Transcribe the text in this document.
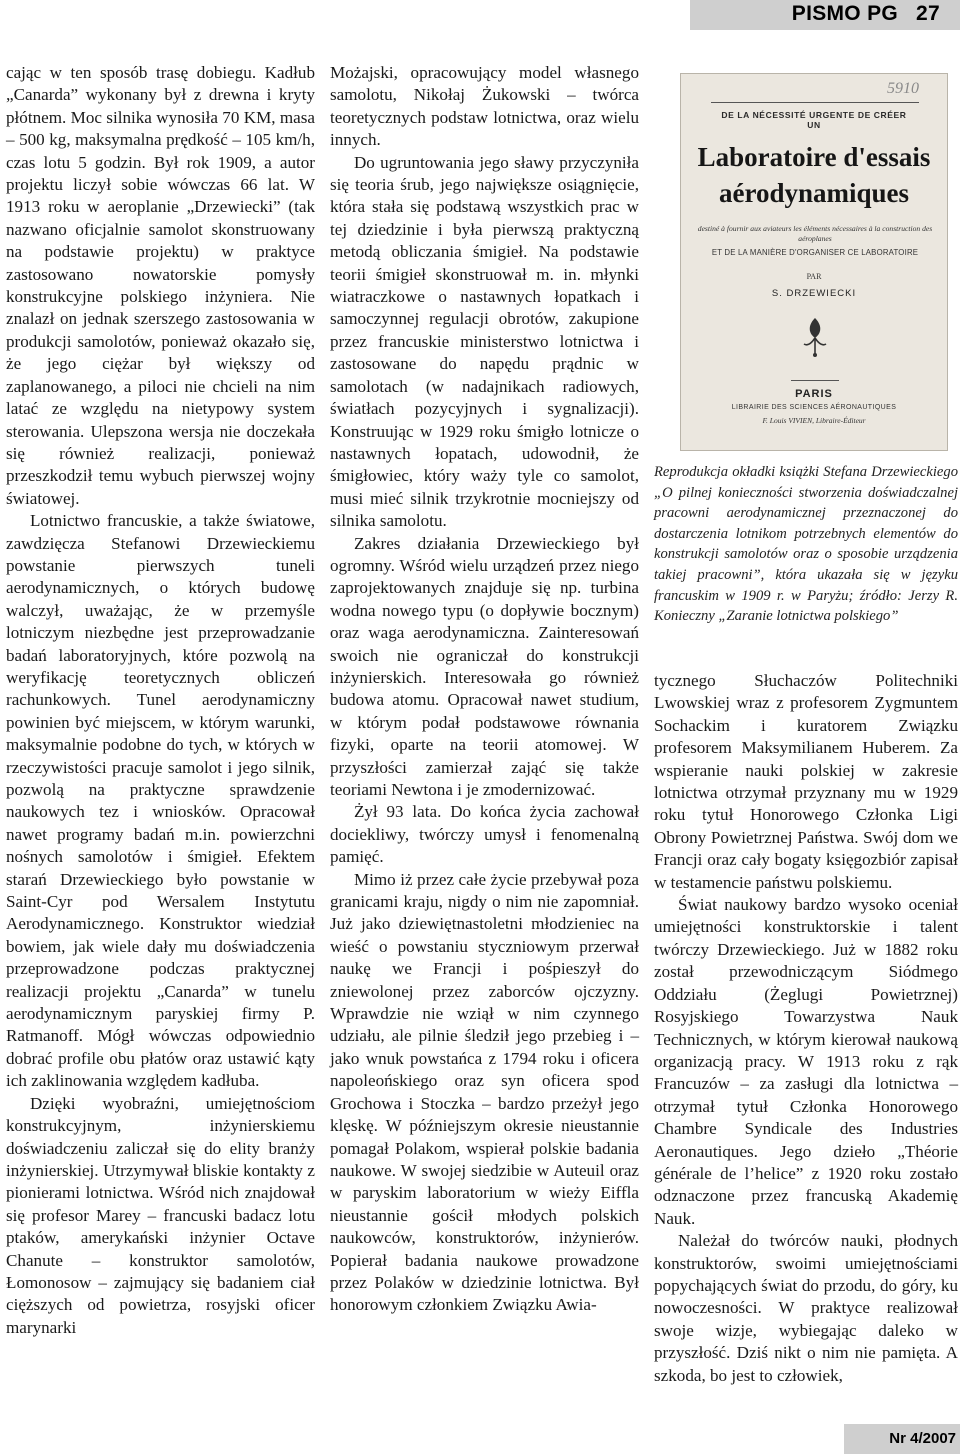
PISMO PG 27

cając w ten sposób trasę dobiegu. Kadłub „Canarda” wykonany był z drewna i kryty płótnem. Moc silnika wynosiła 70 KM, masa – 500 kg, maksymalna prędkość – 105 km/h, czas lotu 5 godzin. Był rok 1909, a autor projektu liczył sobie wówczas 66 lat. W 1913 roku w aeroplanie „Drzewiecki” (tak nazwano oficjalnie samolot skonstruowany na podstawie projektu) w praktyce zastosowano nowatorskie pomysły konstrukcyjne polskiego inżyniera. Nie znalazł on jednak szerszego zastosowania w produkcji samolotów, ponieważ okazało się, że jego ciężar był większy od zaplanowanego, a piloci nie chcieli na nim latać ze względu na nietypowy system sterowania. Ulepszona wersja nie doczekała się również realizacji, ponieważ przeszkodził temu wybuch pierwszej wojny światowej.

Lotnictwo francuskie, a także światowe, zawdzięcza Stefanowi Drzewieckiemu powstanie pierwszych tuneli aerodynamicznych, o których budowę walczył, uważając, że w przemyśle lotniczym niezbędne jest przeprowadzanie badań laboratoryjnych, które pozwolą na weryfikację teoretycznych obliczeń rachunkowych. Tunel aerodynamiczny powinien być miejscem, w którym warunki, maksymalnie podobne do tych, w których w rzeczywistości pracuje samolot i jego silnik, pozwolą na praktyczne sprawdzenie naukowych tez i wniosków. Opracował nawet programy badań m.in. powierzchni nośnych samolotów i śmigieł. Efektem starań Drzewieckiego było powstanie w Saint-Cyr pod Wersalem Instytutu Aerodynamicznego. Konstruktor wiedział bowiem, jak wiele dały mu doświadczenia przeprowadzone podczas praktycznej realizacji projektu „Canarda” w tunelu aerodynamicznym paryskiej firmy P. Ratmanoff. Mógł wówczas odpowiednio dobrać profile obu płatów oraz ustawić kąty ich zaklinowania względem kadłuba.

Dzięki wyobraźni, umiejętnościom konstrukcyjnym, inżynierskiemu doświadczeniu zaliczał się do elity branży inżynierskiej. Utrzymywał bliskie kontakty z pionierami lotnictwa. Wśród nich znajdował się profesor Marey – francuski badacz lotu ptaków, amerykański inżynier Octave Chanute – konstruktor samolotów, Łomonosow – zajmujący się badaniem ciał cięższych od powietrza, rosyjski oficer marynarki

Możajski, opracowujący model własnego samolotu, Nikołaj Żukowski – twórca teoretycznych podstaw lotnictwa, oraz wielu innych.

Do ugruntowania jego sławy przyczyniła się teoria śrub, jego największe osiągnięcie, która stała się podstawą wszystkich prac w tej dziedzinie i była pierwszą praktyczną metodą obliczania śmigieł. Na podstawie teorii śmigieł skonstruował m. in. młynki wiatraczkowe o nastawnych łopatkach i samoczynnej regulacji obrotów, zakupione przez francuskie ministerstwo lotnictwa i zastosowane do napędu prądnic w samolotach (w nadajnikach radiowych, światłach pozycyjnych i sygnalizacji). Konstruując w 1929 roku śmigło lotnicze o nastawnych łopatach, udowodnił, że śmigłowiec, który waży tyle co samolot, musi mieć silnik trzykrotnie mocniejszy od silnika samolotu.

Zakres działania Drzewieckiego był ogromny. Wśród wielu urządzeń przez niego zaprojektowanych znajduje się np. turbina wodna nowego typu (o dopływie bocznym) oraz waga aerodynamiczna. Zainteresowań swoich nie ograniczał do konstrukcji inżynierskich. Interesowała go również budowa atomu. Opracował nawet studium, w którym podał podstawowe równania fizyki, oparte na teorii atomowej. W przyszłości zamierzał zająć się także teoriami Newtona i je zmodernizować.

Żył 93 lata. Do końca życia zachował dociekliwy, twórczy umysł i fenomenalną pamięć.

Mimo iż przez całe życie przebywał poza granicami kraju, nigdy o nim nie zapomniał. Już jako dziewiętnastoletni młodzieniec na wieść o powstaniu styczniowym przerwał naukę we Francji i pośpieszył do zniewolonej przez zaborców ojczyzny. Wprawdzie nie wziął w nim czynnego udziału, ale pilnie śledził jego przebieg i – jako wnuk powstańca z 1794 roku i oficera napoleońskiego oraz syn oficera spod Grochowa i Stoczka – bardzo przeżył jego klęskę. W późniejszym okresie nieustannie pomagał Polakom, wspierał polskie badania naukowe. W swojej siedzibie w Auteuil oraz w paryskim laboratorium w wieży Eiffla nieustannie gościł młodych polskich naukowców, konstruktorów, inżynierów. Popierał badania naukowe prowadzone przez Polaków w dziedzinie lotnictwa. Był honorowym członkiem Związku Awia-

5910
DE LA NÉCESSITÉ URGENTE DE CRÉER
UN
Laboratoire d'essais
aérodynamiques
destiné à fournir aux aviateurs les éléments nécessaires à la construction des aéroplanes
ET DE LA MANIÈRE D'ORGANISER CE LABORATOIRE
PAR
S. DRZEWIECKI
PARIS
LIBRAIRIE DES SCIENCES AÉRONAUTIQUES
F. Louis VIVIEN, Libraire-Éditeur
Reprodukcja okładki książki Stefana Drzewieckiego „O pilnej konieczności stworzenia doświadczalnej pracowni aerodynamicznej przeznaczonej do dostarczenia lotnikom potrzebnych elementów do konstrukcji samolotów oraz o sposobie urządzenia takiej pracowni”, która ukazała się w języku francuskim w 1909 r. w Paryżu; źródło: Jerzy R. Konieczny „Zaranie lotnictwa polskiego”

tycznego Słuchaczów Politechniki Lwowskiej wraz z profesorem Zygmuntem Sochackim i kuratorem Związku profesorem Maksymilianem Huberem. Za wspieranie nauki polskiej w zakresie lotnictwa otrzymał przyznany mu w 1929 roku tytuł Honorowego Członka Ligi Obrony Powietrznej Państwa. Swój dom we Francji oraz cały bogaty księgozbiór zapisał w testamencie państwu polskiemu.

Świat naukowy bardzo wysoko oceniał umiejętności konstruktorskie i talent twórczy Drzewieckiego. Już w 1882 roku został przewodniczącym Siódmego Oddziału (Żeglugi Powietrznej) Rosyjskiego Towarzystwa Nauk Technicznych, w którym kierował naukową organizacją pracy. W 1913 roku z rąk Francuzów – za zasługi dla lotnictwa – otrzymał tytuł Członka Honorowego Chambre Syndicale des Industries Aeronautiques. Jego dzieło „Théorie générale de l’helice” z 1920 roku zostało odznaczone przez francuską Akademię Nauk.

Należał do twórców nauki, płodnych konstruktorów, swoimi umiejętnościami popychających świat do przodu, do góry, ku nowoczesności. W praktyce realizował swoje wizje, wybiegając daleko w przyszłość. Dziś nikt o nim nie pamięta. A szkoda, bo jest to człowiek,

Nr 4/2007
